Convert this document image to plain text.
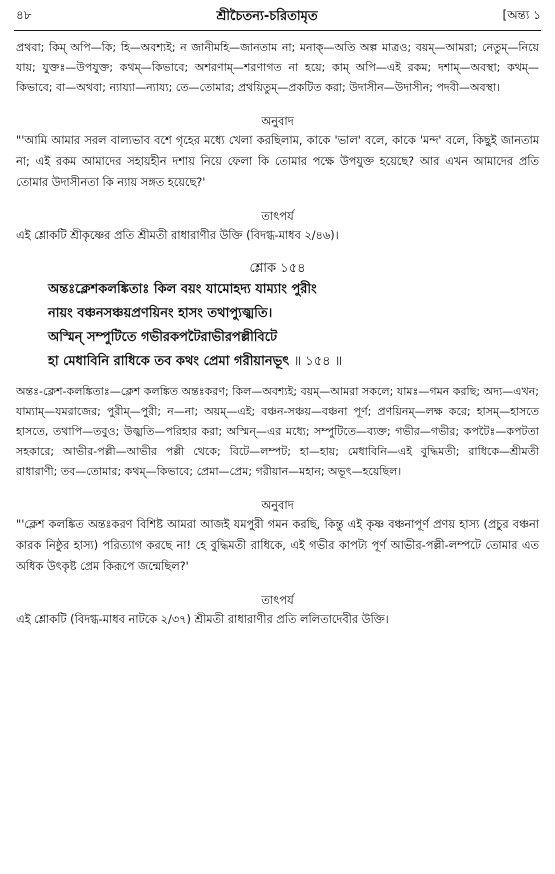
৪৮	শ্রীচৈতন্য-চরিতামৃত	[অন্ত্য ১

প্রথবা; কিম্ অপি—কি; হি—অবশ্যই; ন জানীমহি—জানতাম না; মনাক্—অতি অল্প মাত্রও; বয়ম্—আমরা; নেতুম্—নিয়ে যায়; যুক্তঃ—উপযুক্ত; কথম্—কিভাবে; অশরণাম্—শরণাগত না হয়ে; কাম্ অপি—এই রকম; দশাম্—অবস্থা; কথম্—কিভাবে; বা—অথবা; ন্যায্যা—ন্যায্য; তে—তোমার; প্রথয়িতুম্—প্রকটিত করা; উদাসীন—উদাসীন; পদবী—অবস্থা।

অনুবাদ

"'আমি আমার সরল বাল্যভাব বশে গৃহের মধ্যে খেলা করছিলাম, কাকে 'ভাল' বলে, কাকে 'মন্দ' বলে, কিছুই জানতাম না; এই রকম আমাদের সহায়হীন দশায় নিয়ে ফেলা কি তোমার পক্ষে উপযুক্ত হয়েছে? আর এখন আমাদের প্রতি তোমার উদাসীনতা কি ন্যায় সঙ্গত হয়েছে?'

তাৎপর্য

এই শ্লোকটি শ্রীকৃষ্ণের প্রতি শ্রীমতী রাধারাণীর উক্তি (বিদগ্ধ-মাধব ২/৪৬)।

শ্লোক ১৫৪

অন্তঃক্লেশকলঙ্কিতাঃ কিল বয়ং যামোহদ্য যাম্যাং পুরীং

নায়ং বঞ্চনসঞ্চয়প্রণয়িনং হাসং তথাপ্যুজ্ঝতি।

অস্মিন্ সম্পুটিতে গভীরকপটৈরাভীরপল্লীবিটে

হা মেধাবিনি রাধিকে তব কথং প্রেমা গরীয়ানভূৎ ॥ ১৫৪ ॥

অন্তঃ-ক্লেশ-কলঙ্কিতাঃ—ক্লেশ কলঙ্কিত অন্তঃকরণ; কিল—অবশ্যই; বয়ম্—আমরা সকলে; যামঃ—গমন করছি; অদ্য—এখন; যাম্যাম্—যমরাজের; পুরীম্—পুরী; ন—না; অয়ম্—এই; বঞ্চন-সঞ্চয়—বঞ্চনা পূর্ণ; প্রণয়িনম্—লক্ষ করে; হাসম্—হাসতে হাসতে, তথাপি—তবুও; উজ্ঝতি—পরিহার করা; অস্মিন্—এর মধ্যে; সম্পুটিতে—ব্যক্ত; গভীর—গভীর; কপটৈঃ—কপটতা সহকারে; আভীর-পল্লী—আভীর পল্লী থেকে; বিটে—লম্পট; হা—হায়; মেধাবিনি—এই বুদ্ধিমতী; রাধিকে—শ্রীমতী রাধারাণী; তব—তোমার; কথম্—কিভাবে; প্রেমা—প্রেম; গরীয়ান—মহান; অভূৎ—হয়েছিল।

অনুবাদ

"'ক্লেশ কলঙ্কিত অন্তঃকরণ বিশিষ্ট আমরা আজই যমপুরী গমন করছি, কিন্তু এই কৃষ্ণ বঞ্চনাপূর্ণ প্রণয় হাস্য (প্রচুর বঞ্চনা কারক নিষ্ঠুর হাস্য) পরিত্যাগ করছে না! হে বুদ্ধিমতী রাধিকে, এই গভীর কাপট্য পূর্ণ আভীর-পল্লী-লম্পটে তোমার এত অধিক উৎকৃষ্ট প্রেম কিরূপে জন্মেছিল?'

তাৎপর্য

এই শ্লোকটি (বিদগ্ধ-মাধব নাটকে ২/৩৭) শ্রীমতী রাধারাণীর প্রতি ললিতাদেবীর উক্তি।
